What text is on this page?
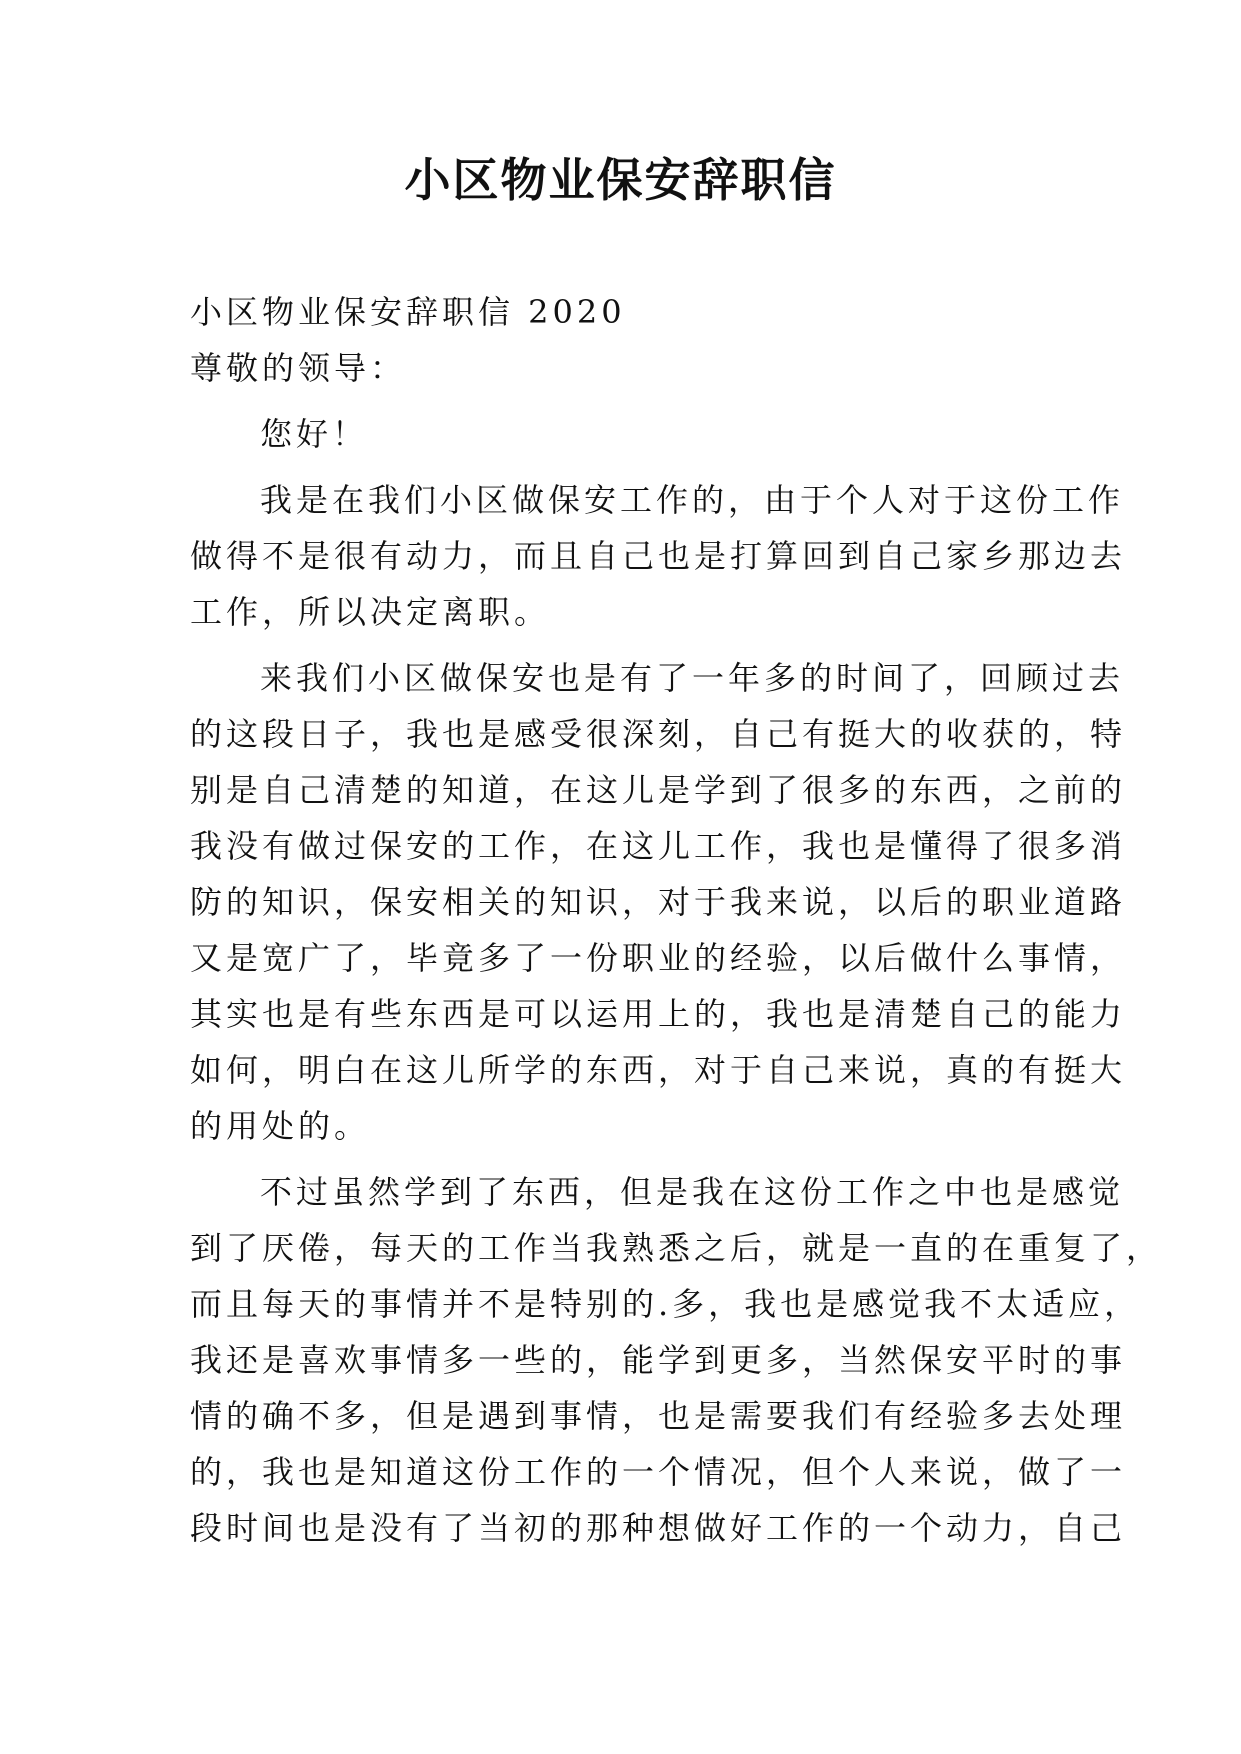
小区物业保安辞职信

小区物业保安辞职信 2020

尊敬的领导：

您好！

我是在我们小区做保安工作的，由于个人对于这份工作

做得不是很有动力，而且自己也是打算回到自己家乡那边去

工作，所以决定离职。

来我们小区做保安也是有了一年多的时间了，回顾过去

的这段日子，我也是感受很深刻，自己有挺大的收获的，特

别是自己清楚的知道，在这儿是学到了很多的东西，之前的

我没有做过保安的工作，在这儿工作，我也是懂得了很多消

防的知识，保安相关的知识，对于我来说，以后的职业道路

又是宽广了，毕竟多了一份职业的经验，以后做什么事情，

其实也是有些东西是可以运用上的，我也是清楚自己的能力

如何，明白在这儿所学的东西，对于自己来说，真的有挺大

的用处的。

不过虽然学到了东西，但是我在这份工作之中也是感觉

到了厌倦，每天的工作当我熟悉之后，就是一直的在重复了，

而且每天的事情并不是特别的.多，我也是感觉我不太适应，

我还是喜欢事情多一些的，能学到更多，当然保安平时的事

情的确不多，但是遇到事情，也是需要我们有经验多去处理

的，我也是知道这份工作的一个情况，但个人来说，做了一

段时间也是没有了当初的那种想做好工作的一个动力，自己
